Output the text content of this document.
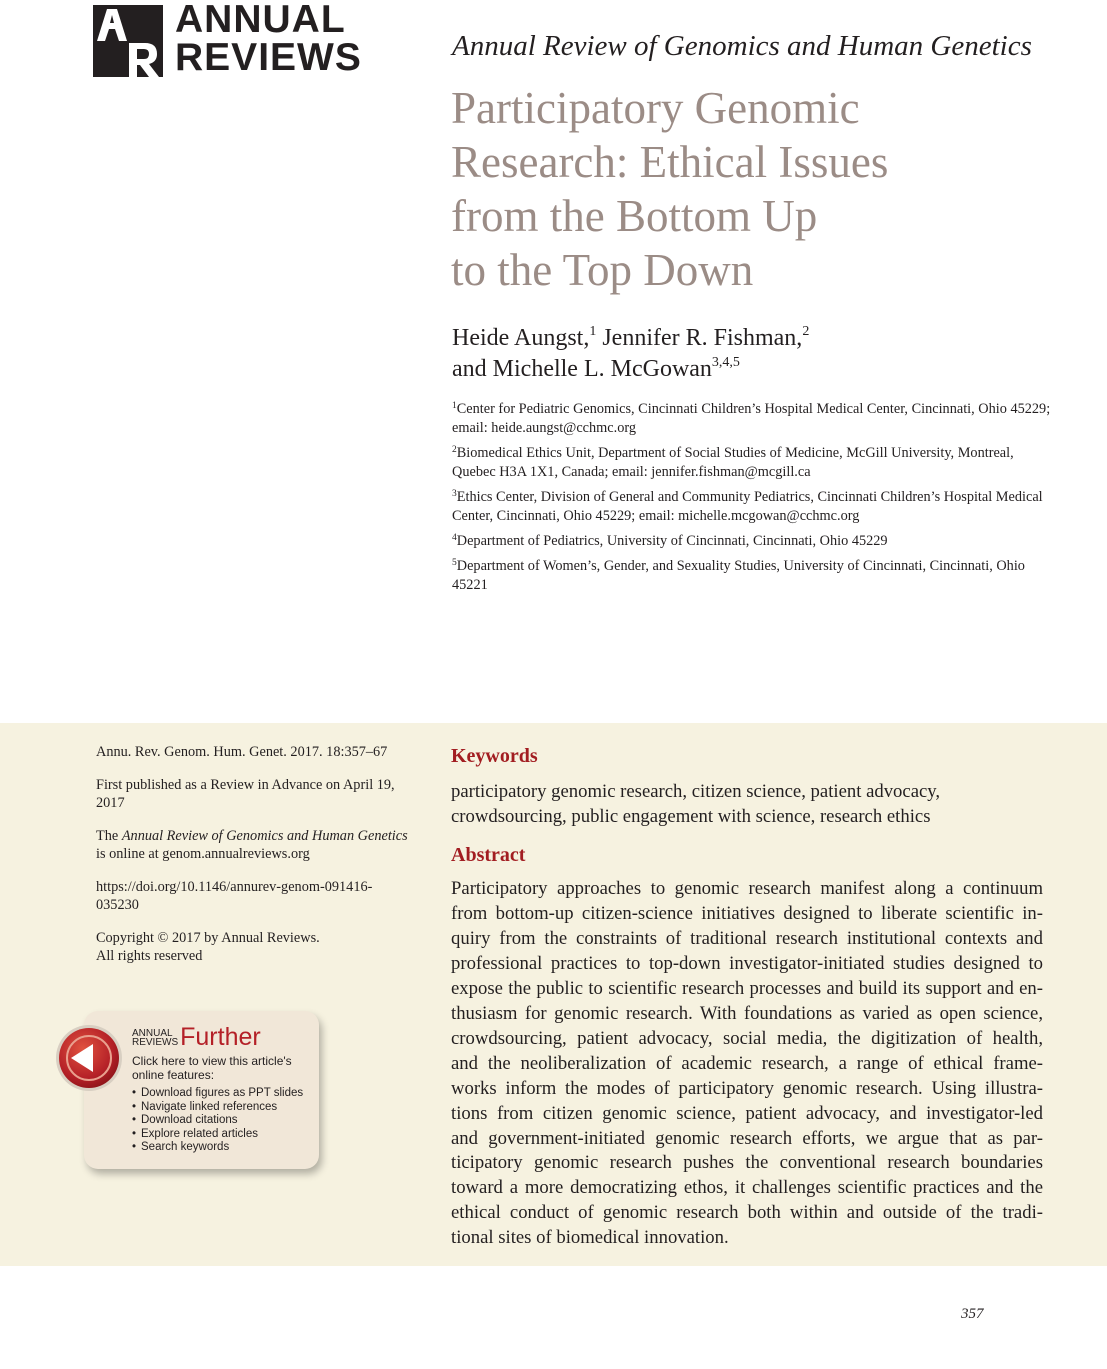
ANNUAL
REVIEWS	Annual Review of Genomics and Human Genetics
Participatory Genomic
Research: Ethical Issues
from the Bottom Up
to the Top Down
Heide Aungst,$^1$ Jennifer R. Fishman,$^2$
and Michelle L. McGowan$^{3,4,5}$
$^1$Center for Pediatric Genomics, Cincinnati Children’s Hospital Medical Center, Cincinnati, Ohio 45229; email: heide.aungst@cchmc.org
$^2$Biomedical Ethics Unit, Department of Social Studies of Medicine, McGill University, Montreal, Quebec H3A 1X1, Canada; email: jennifer.fishman@mcgill.ca
$^3$Ethics Center, Division of General and Community Pediatrics, Cincinnati Children’s Hospital Medical Center, Cincinnati, Ohio 45229; email: michelle.mcgowan@cchmc.org
$^4$Department of Pediatrics, University of Cincinnati, Cincinnati, Ohio 45229
$^5$Department of Women’s, Gender, and Sexuality Studies, University of Cincinnati, Cincinnati, Ohio 45221

Annu. Rev. Genom. Hum. Genet. 2017. 18:357–67

First published as a Review in Advance on April 19, 2017

The Annual Review of Genomics and Human Genetics is online at genom.annualreviews.org

https://doi.org/10.1146/annurev-genom-091416-035230

Copyright © 2017 by Annual Reviews.
All rights reserved

ANNUAL
REVIEWSFurther
Click here to view this article's online features:
• Download figures as PPT slides
• Navigate linked references
• Download citations
• Explore related articles
• Search keywords
Keywords

participatory genomic research, citizen science, patient advocacy, crowdsourcing, public engagement with science, research ethics

Abstract

Participatory approaches to genomic research manifest along a continuum
from bottom-up citizen-science initiatives designed to liberate scientific in-
quiry from the constraints of traditional research institutional contexts and
professional practices to top-down investigator-initiated studies designed to
expose the public to scientific research processes and build its support and en-
thusiasm for genomic research. With foundations as varied as open science,
crowdsourcing, patient advocacy, social media, the digitization of health,
and the neoliberalization of academic research, a range of ethical frame-
works inform the modes of participatory genomic research. Using illustra-
tions from citizen genomic science, patient advocacy, and investigator-led
and government-initiated genomic research efforts, we argue that as par-
ticipatory genomic research pushes the conventional research boundaries
toward a more democratizing ethos, it challenges scientific practices and the
ethical conduct of genomic research both within and outside of the tradi-
tional sites of biomedical innovation.

357
